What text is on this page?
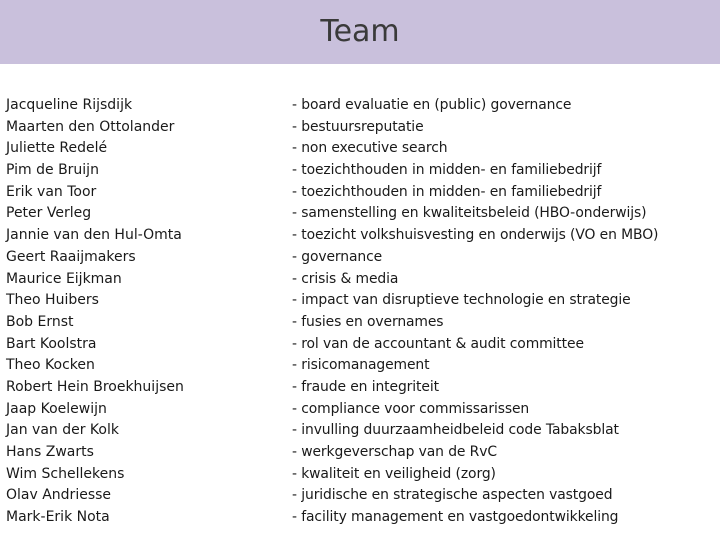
Team
Jacqueline Rijsdijk
Maarten den Ottolander
Juliette Redelé
Pim de Bruijn
Erik van Toor
Peter Verleg
Jannie van den Hul-Omta
Geert Raaijmakers
Maurice Eijkman
Theo Huibers
Bob Ernst
Bart Koolstra
Theo Kocken
Robert Hein Broekhuijsen
Jaap Koelewijn
Jan van der Kolk
Hans Zwarts
Wim Schellekens
Olav Andriesse
Mark-Erik Nota
- board evaluatie en (public) governance
- bestuursreputatie
- non executive search
- toezichthouden in midden- en familiebedrijf
- toezichthouden in midden- en familiebedrijf
- samenstelling en kwaliteitsbeleid (HBO-onderwijs)
- toezicht volkshuisvesting en onderwijs (VO en MBO)
- governance
- crisis & media
- impact van disruptieve technologie en strategie
- fusies en overnames
- rol van de accountant & audit committee
- risicomanagement
- fraude en integriteit
- compliance voor commissarissen
- invulling duurzaamheidbeleid code Tabaksblat
- werkgeverschap van de RvC
- kwaliteit en veiligheid (zorg)
- juridische en strategische aspecten vastgoed
- facility management en vastgoedontwikkeling
